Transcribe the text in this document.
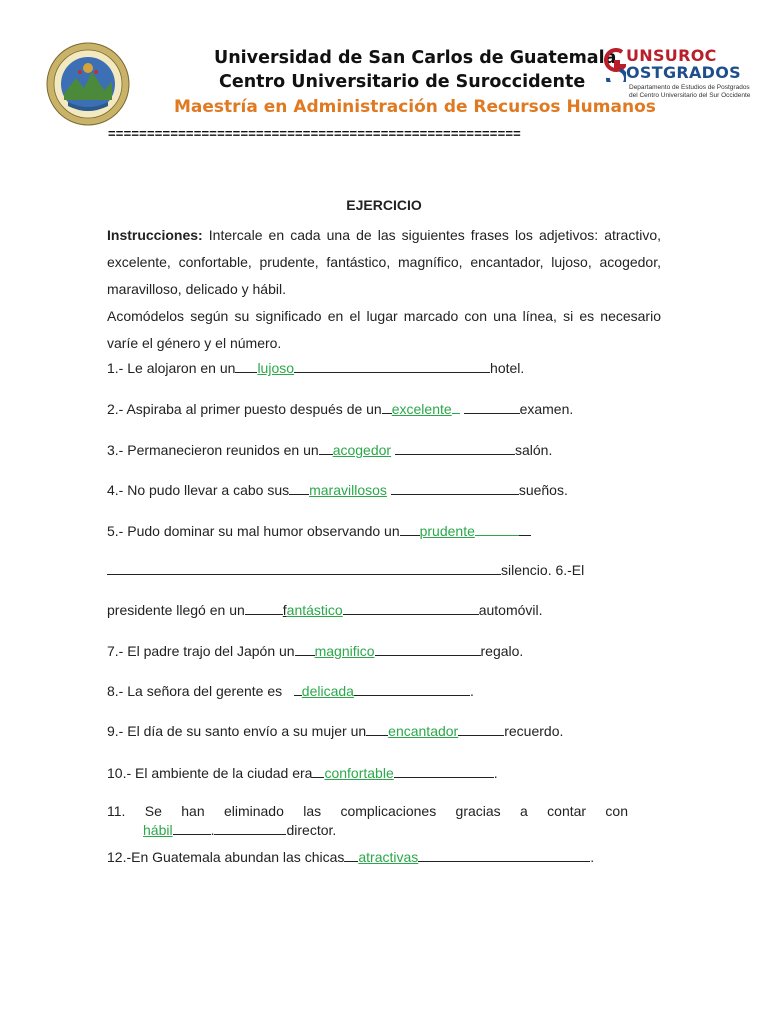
Universidad de San Carlos de Guatemala
Centro Universitario de Suroccidente
Maestría en Administración de Recursos Humanos
UNSUROC
OSTGRADOS
Departamento de Estudios de Postgrados
del Centro Universitario del Sur Occidente
=====================================================
EJERCICIO

Instrucciones: Intercale en cada una de las siguientes frases los adjetivos: atractivo, excelente, confortable, prudente, fantástico, magnífico, encantador, lujoso, acogedor, maravilloso, delicado y hábil.

Acomódelos según su significado en el lugar marcado con una línea, si es necesario varíe el género y el número.

1.- Le alojaron en un lujoso	hotel.
2.- Aspiraba al primer puesto después de un excelente	examen.
3.- Permanecieron reunidos en un acogedor	salón.
4.- No pudo llevar a cabo sus maravillosos	sueños.
5.- Pudo dominar su mal humor observando un prudente
silencio. 6.-El
presidente llegó en un	fantástico	automóvil.
7.- El padre trajo del Japón un magnifico	regalo.
8.- La señora del gerente es delicada	.
9.- El día de su santo envío a su mujer un encantador	recuerdo.
10.- El ambiente de la ciudad era confortable	.
11. Se han eliminado las complicaciones gracias a contar con
hábil	.	director.
12.-En Guatemala abundan las chicas atractivas	.
